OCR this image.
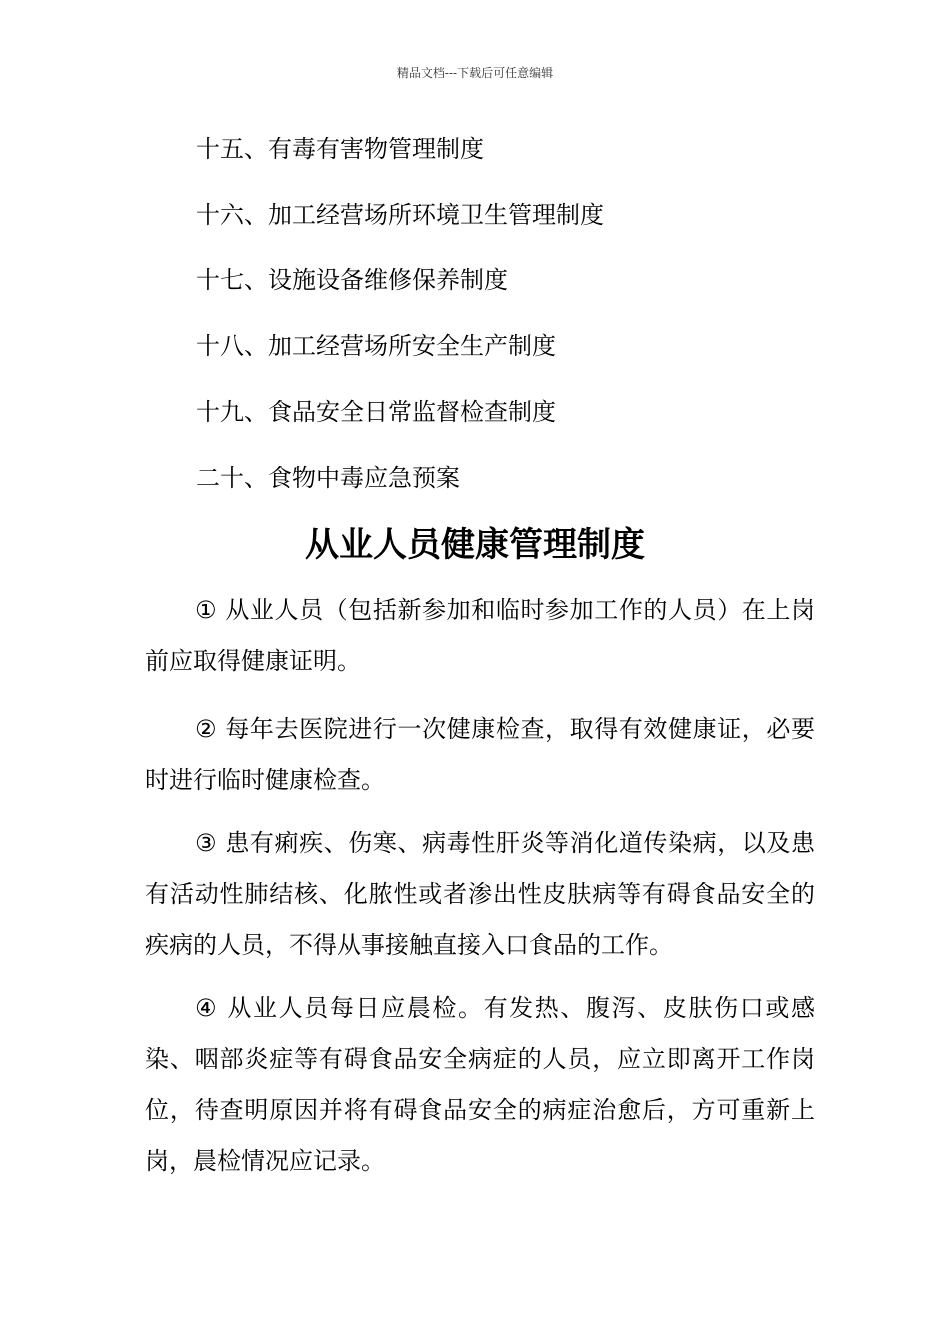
精品文档---下载后可任意编辑
十五、有毒有害物管理制度
十六、加工经营场所环境卫生管理制度
十七、设施设备维修保养制度
十八、加工经营场所安全生产制度
十九、食品安全日常监督检查制度
二十、食物中毒应急预案
从业人员健康管理制度

① 从业人员（包括新参加和临时参加工作的人员）在上岗前应取得健康证明。

② 每年去医院进行一次健康检查，取得有效健康证，必要时进行临时健康检查。

③ 患有痢疾、伤寒、病毒性肝炎等消化道传染病，以及患有活动性肺结核、化脓性或者渗出性皮肤病等有碍食品安全的疾病的人员，不得从事接触直接入口食品的工作。

④ 从业人员每日应晨检。有发热、腹泻、皮肤伤口或感染、咽部炎症等有碍食品安全病症的人员，应立即离开工作岗位，待查明原因并将有碍食品安全的病症治愈后，方可重新上岗，晨检情况应记录。
